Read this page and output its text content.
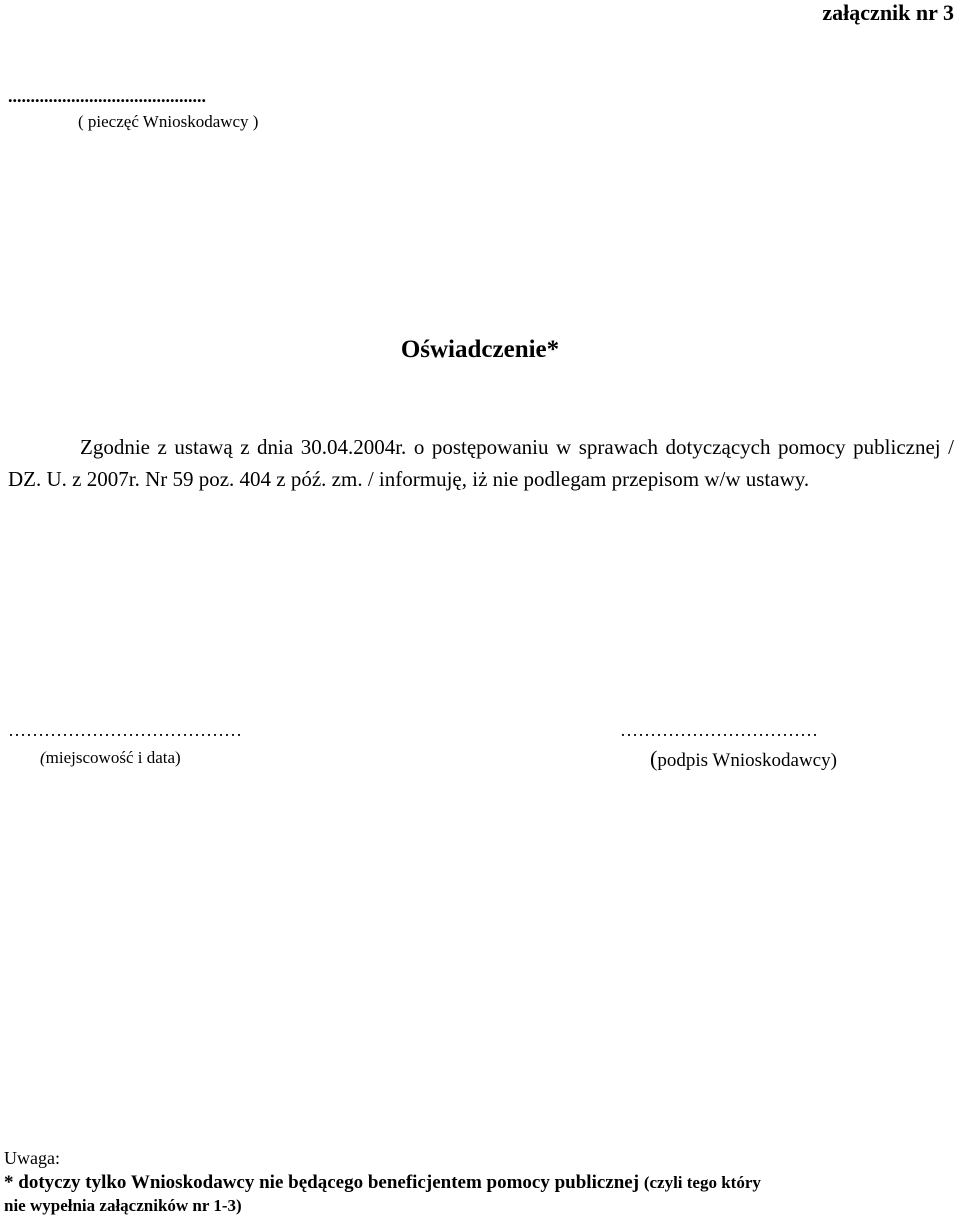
załącznik nr 3
............................................
( pieczęć Wnioskodawcy )
Oświadczenie*
Zgodnie z ustawą z dnia 30.04.2004r. o postępowaniu w sprawach dotyczących pomocy publicznej / DZ. U. z 2007r. Nr 59 poz. 404 z póź. zm. / informuję, iż nie podlegam przepisom w/w ustawy.
…………………………………
(miejscowość i data)
……………………………
(podpis Wnioskodawcy)
Uwaga:
* dotyczy tylko Wnioskodawcy nie będącego beneficjentem pomocy publicznej (czyli tego który
nie wypełnia załączników nr 1-3)
